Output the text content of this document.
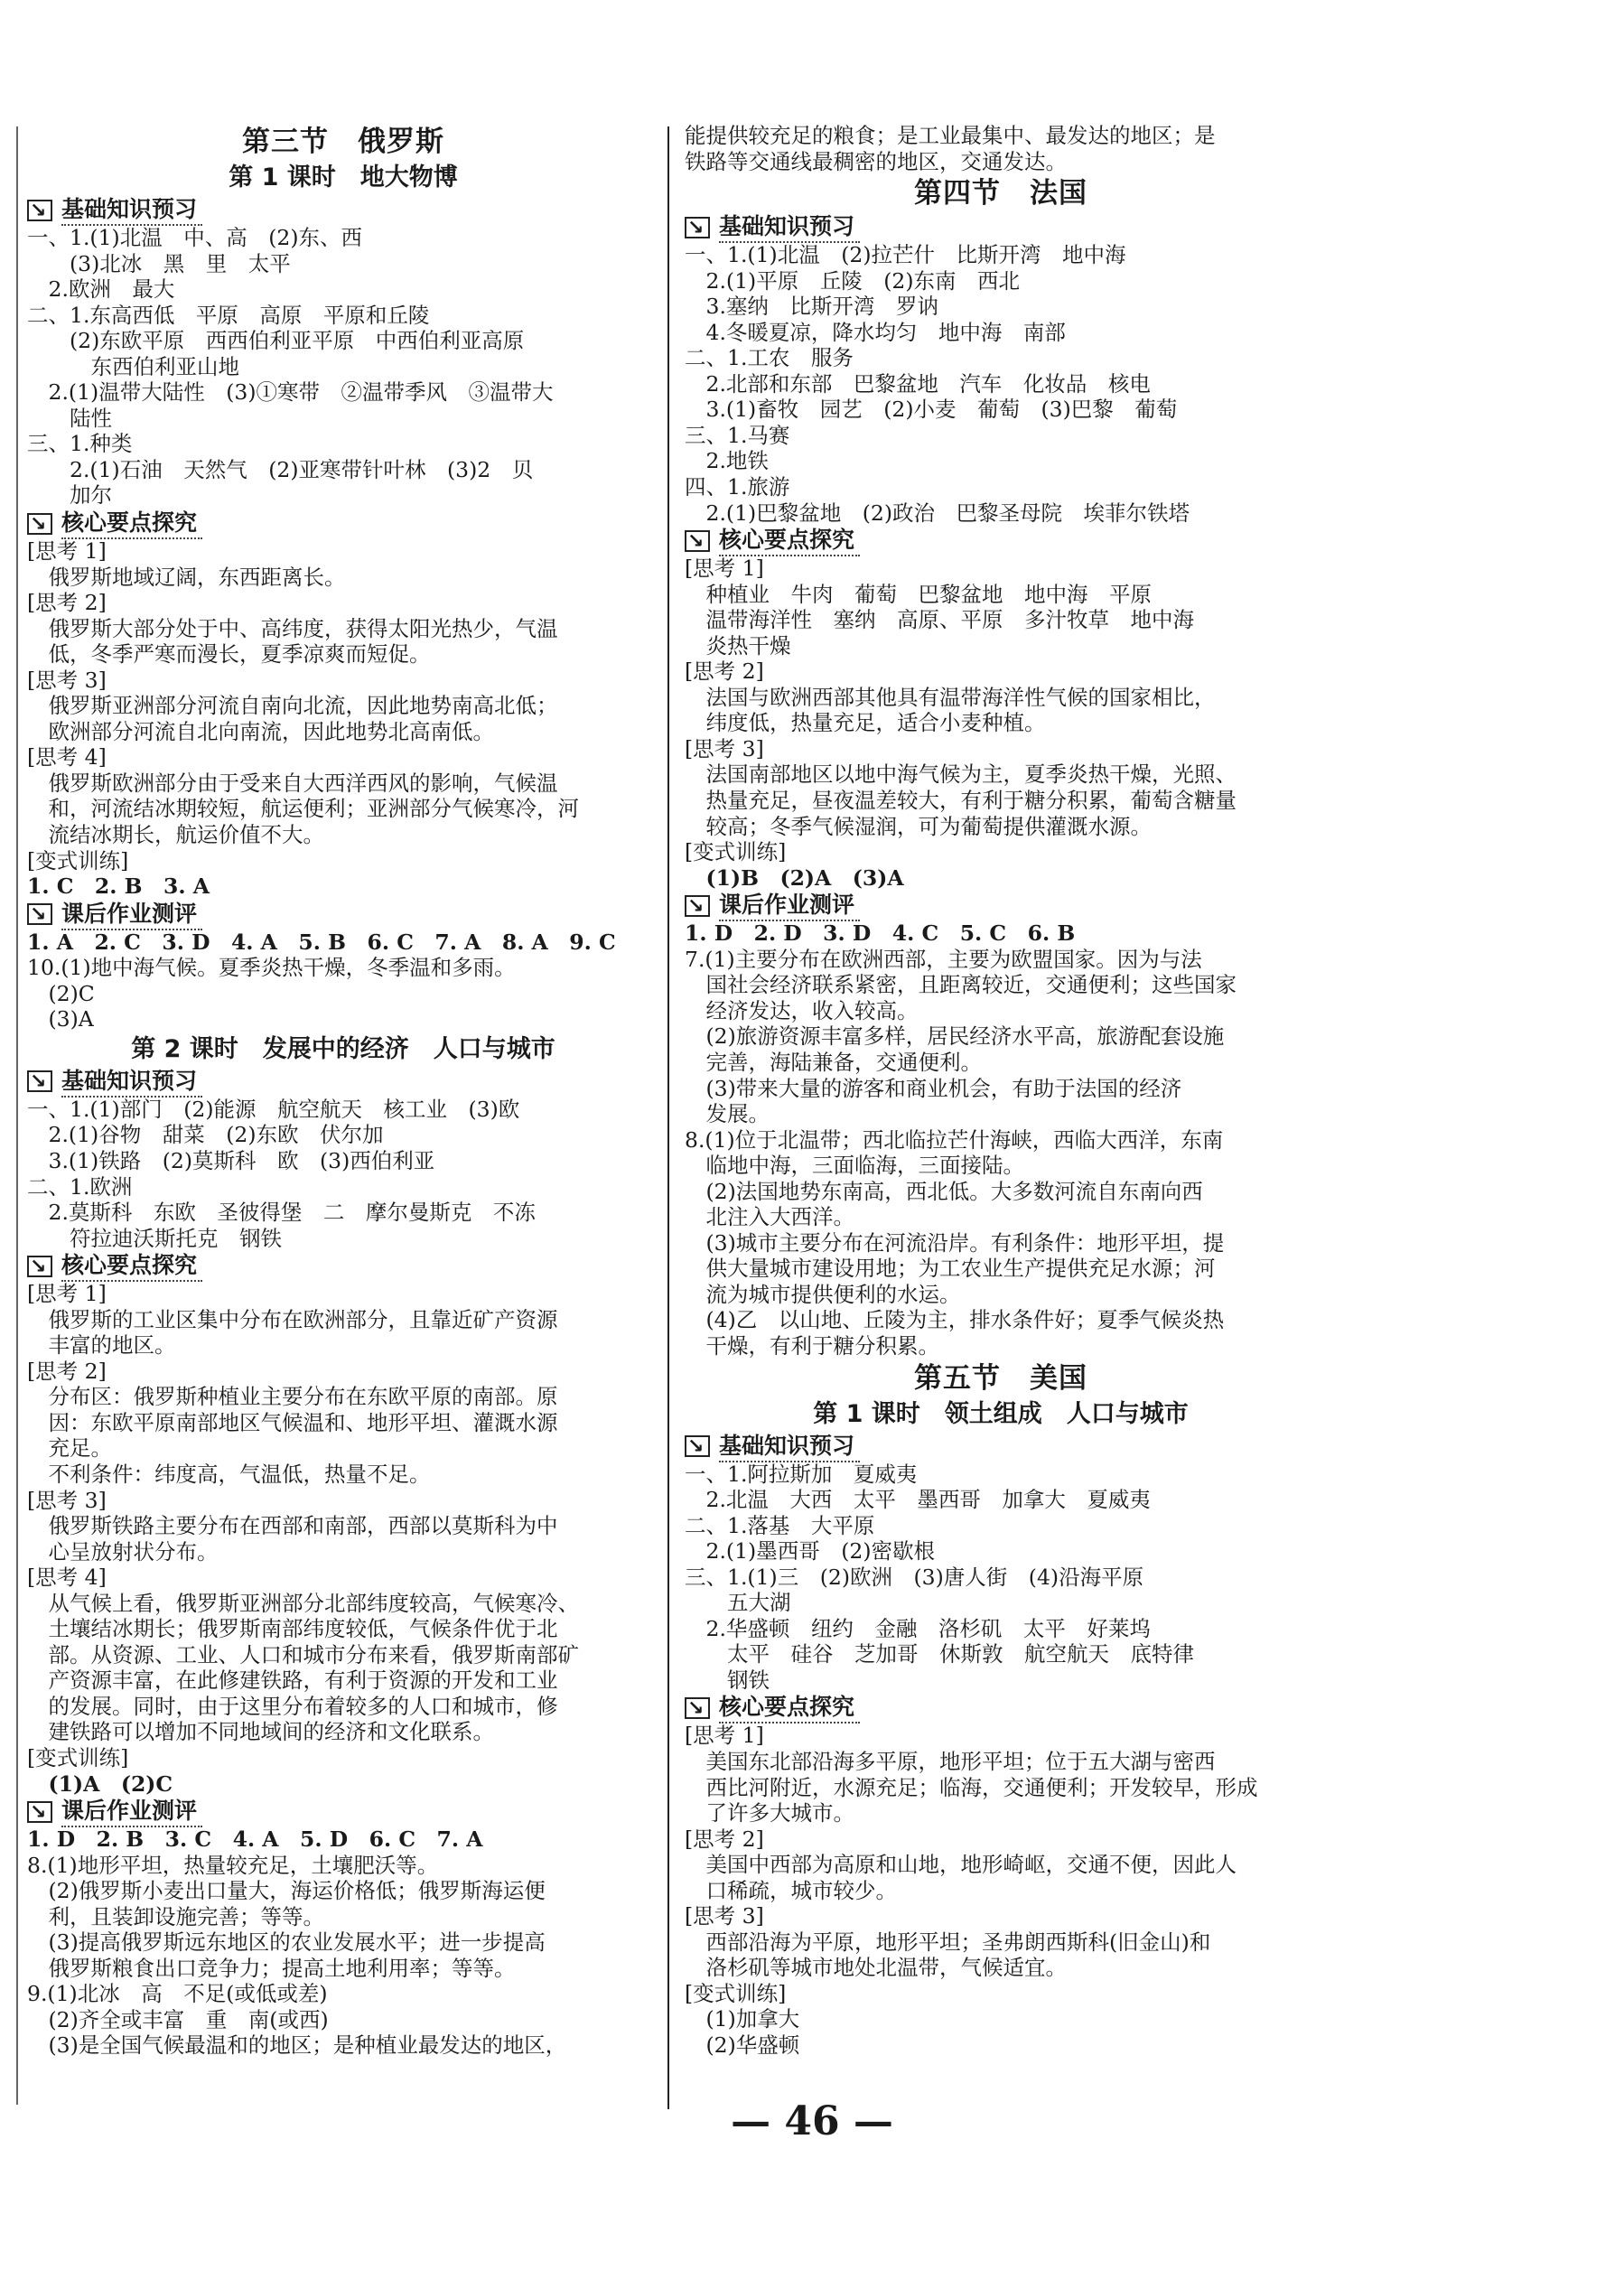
第三节　俄罗斯
第 1 课时　地大物博
↘
基础知识预习
一、1.(1)北温　中、高　(2)东、西
　　(3)北冰　黑　里　太平
　2.欧洲　最大
二、1.东高西低　平原　高原　平原和丘陵
　　(2)东欧平原　西西伯利亚平原　中西伯利亚高原
　　　东西伯利亚山地
　2.(1)温带大陆性　(3)①寒带　②温带季风　③温带大
　　陆性
三、1.种类
　　2.(1)石油　天然气　(2)亚寒带针叶林　(3)2　贝
　　加尔
↘
核心要点探究
[思考 1]
　俄罗斯地域辽阔，东西距离长。
[思考 2]
　俄罗斯大部分处于中、高纬度，获得太阳光热少，气温
　低，冬季严寒而漫长，夏季凉爽而短促。
[思考 3]
　俄罗斯亚洲部分河流自南向北流，因此地势南高北低；
　欧洲部分河流自北向南流，因此地势北高南低。
[思考 4]
　俄罗斯欧洲部分由于受来自大西洋西风的影响，气候温
　和，河流结冰期较短，航运便利；亚洲部分气候寒冷，河
　流结冰期长，航运价值不大。
[变式训练]
1. C　2. B　3. A
↘
课后作业测评
1. A　2. C　3. D　4. A　5. B　6. C　7. A　8. A　9. C
10.(1)地中海气候。夏季炎热干燥，冬季温和多雨。
　(2)C
　(3)A
第 2 课时　发展中的经济　人口与城市
↘
基础知识预习
一、1.(1)部门　(2)能源　航空航天　核工业　(3)欧
　2.(1)谷物　甜菜　(2)东欧　伏尔加
　3.(1)铁路　(2)莫斯科　欧　(3)西伯利亚
二、1.欧洲
　2.莫斯科　东欧　圣彼得堡　二　摩尔曼斯克　不冻
　　符拉迪沃斯托克　钢铁
↘
核心要点探究
[思考 1]
　俄罗斯的工业区集中分布在欧洲部分，且靠近矿产资源
　丰富的地区。
[思考 2]
　分布区：俄罗斯种植业主要分布在东欧平原的南部。原
　因：东欧平原南部地区气候温和、地形平坦、灌溉水源
　充足。
　不利条件：纬度高，气温低，热量不足。
[思考 3]
　俄罗斯铁路主要分布在西部和南部，西部以莫斯科为中
　心呈放射状分布。
[思考 4]
　从气候上看，俄罗斯亚洲部分北部纬度较高，气候寒冷、
　土壤结冰期长；俄罗斯南部纬度较低，气候条件优于北
　部。从资源、工业、人口和城市分布来看，俄罗斯南部矿
　产资源丰富，在此修建铁路，有利于资源的开发和工业
　的发展。同时，由于这里分布着较多的人口和城市，修
　建铁路可以增加不同地域间的经济和文化联系。
[变式训练]
　(1)A　(2)C
↘
课后作业测评
1. D　2. B　3. C　4. A　5. D　6. C　7. A
8.(1)地形平坦，热量较充足，土壤肥沃等。
　(2)俄罗斯小麦出口量大，海运价格低；俄罗斯海运便
　利，且装卸设施完善；等等。
　(3)提高俄罗斯远东地区的农业发展水平；进一步提高
　俄罗斯粮食出口竞争力；提高土地利用率；等等。
9.(1)北冰　高　不足(或低或差)
　(2)齐全或丰富　重　南(或西)
　(3)是全国气候最温和的地区；是种植业最发达的地区，
能提供较充足的粮食；是工业最集中、最发达的地区；是
铁路等交通线最稠密的地区，交通发达。
第四节　法国
↘
基础知识预习
一、1.(1)北温　(2)拉芒什　比斯开湾　地中海
　2.(1)平原　丘陵　(2)东南　西北
　3.塞纳　比斯开湾　罗讷
　4.冬暖夏凉，降水均匀　地中海　南部
二、1.工农　服务
　2.北部和东部　巴黎盆地　汽车　化妆品　核电
　3.(1)畜牧　园艺　(2)小麦　葡萄　(3)巴黎　葡萄
三、1.马赛
　2.地铁
四、1.旅游
　2.(1)巴黎盆地　(2)政治　巴黎圣母院　埃菲尔铁塔
↘
核心要点探究
[思考 1]
　种植业　牛肉　葡萄　巴黎盆地　地中海　平原
　温带海洋性　塞纳　高原、平原　多汁牧草　地中海
　炎热干燥
[思考 2]
　法国与欧洲西部其他具有温带海洋性气候的国家相比，
　纬度低，热量充足，适合小麦种植。
[思考 3]
　法国南部地区以地中海气候为主，夏季炎热干燥，光照、
　热量充足，昼夜温差较大，有利于糖分积累，葡萄含糖量
　较高；冬季气候湿润，可为葡萄提供灌溉水源。
[变式训练]
　(1)B　(2)A　(3)A
↘
课后作业测评
1. D　2. D　3. D　4. C　5. C　6. B
7.(1)主要分布在欧洲西部，主要为欧盟国家。因为与法
　国社会经济联系紧密，且距离较近，交通便利；这些国家
　经济发达，收入较高。
　(2)旅游资源丰富多样，居民经济水平高，旅游配套设施
　完善，海陆兼备，交通便利。
　(3)带来大量的游客和商业机会，有助于法国的经济
　发展。
8.(1)位于北温带；西北临拉芒什海峡，西临大西洋，东南
　临地中海，三面临海，三面接陆。
　(2)法国地势东南高，西北低。大多数河流自东南向西
　北注入大西洋。
　(3)城市主要分布在河流沿岸。有利条件：地形平坦，提
　供大量城市建设用地；为工农业生产提供充足水源；河
　流为城市提供便利的水运。
　(4)乙　以山地、丘陵为主，排水条件好；夏季气候炎热
　干燥，有利于糖分积累。
第五节　美国
第 1 课时　领土组成　人口与城市
↘
基础知识预习
一、1.阿拉斯加　夏威夷
　2.北温　大西　太平　墨西哥　加拿大　夏威夷
二、1.落基　大平原
　2.(1)墨西哥　(2)密歇根
三、1.(1)三　(2)欧洲　(3)唐人街　(4)沿海平原
　　五大湖
　2.华盛顿　纽约　金融　洛杉矶　太平　好莱坞
　　太平　硅谷　芝加哥　休斯敦　航空航天　底特律
　　钢铁
↘
核心要点探究
[思考 1]
　美国东北部沿海多平原，地形平坦；位于五大湖与密西
　西比河附近，水源充足；临海，交通便利；开发较早，形成
　了许多大城市。
[思考 2]
　美国中西部为高原和山地，地形崎岖，交通不便，因此人
　口稀疏，城市较少。
[思考 3]
　西部沿海为平原，地形平坦；圣弗朗西斯科(旧金山)和
　洛杉矶等城市地处北温带，气候适宜。
[变式训练]
　(1)加拿大
　(2)华盛顿
— 46 —
